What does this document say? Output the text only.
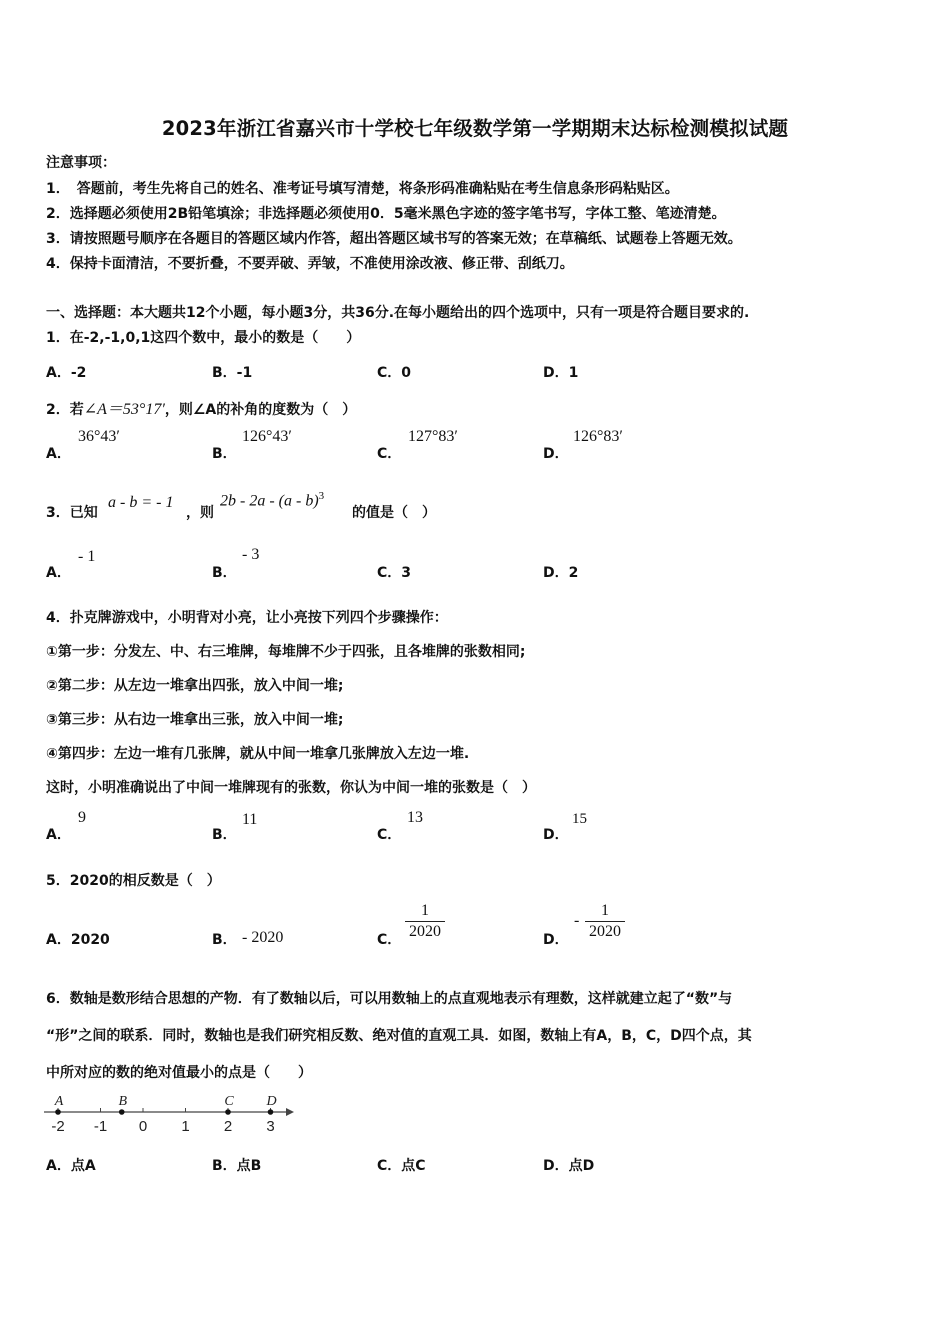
2023年浙江省嘉兴市十学校七年级数学第一学期期末达标检测模拟试题
注意事项：
1．　答题前，考生先将自己的姓名、准考证号填写清楚，将条形码准确粘贴在考生信息条形码粘贴区。
2．选择题必须使用2B铅笔填涂；非选择题必须使用0．5毫米黑色字迹的签字笔书写，字体工整、笔迹清楚。
3．请按照题号顺序在各题目的答题区域内作答，超出答题区域书写的答案无效；在草稿纸、试题卷上答题无效。
4．保持卡面清洁，不要折叠，不要弄破、弄皱，不准使用涂改液、修正带、刮纸刀。
一、选择题：本大题共12个小题，每小题3分，共36分.在每小题给出的四个选项中，只有一项是符合题目要求的.
1．在-2,-1,0,1这四个数中，最小的数是（　　）
A．-2	B．-1	C．0	D．1
2．若∠A＝53°17′，则∠A的补角的度数为（　）
A．
36°43′
B．
126°43′
C．
127°83′
D．
126°83′
3．已知
a - b = - 1
，则
2b - 2a - (a - b)$^3$
的值是（　）
A．
- 1
B．
- 3
C．3	D．2
4．扑克牌游戏中，小明背对小亮，让小亮按下列四个步骤操作：
①第一步：分发左、中、右三堆牌，每堆牌不少于四张，且各堆牌的张数相同;
②第二步：从左边一堆拿出四张，放入中间一堆;
③第三步：从右边一堆拿出三张，放入中间一堆;
④第四步：左边一堆有几张牌，就从中间一堆拿几张牌放入左边一堆.
这时，小明准确说出了中间一堆牌现有的张数，你认为中间一堆的张数是（　）
A．
9
B．
11
C．
13
D．
15
5．2020的相反数是（　）
A．2020	B． - 2020	C． $\frac{1}{2020}$	D．
- $\frac{1}{2020}$
6．数轴是数形结合思想的产物．有了数轴以后，可以用数轴上的点直观地表示有理数，这样就建立起了“数”与
“形”之间的联系．同时，数轴也是我们研究相反数、绝对值的直观工具．如图，数轴上有A，B，C，D四个点，其
中所对应的数的绝对值最小的点是（　　）
-2 -1 0 1 2 3
A	B	C D
A．点A	B．点B	C．点C	D．点D
